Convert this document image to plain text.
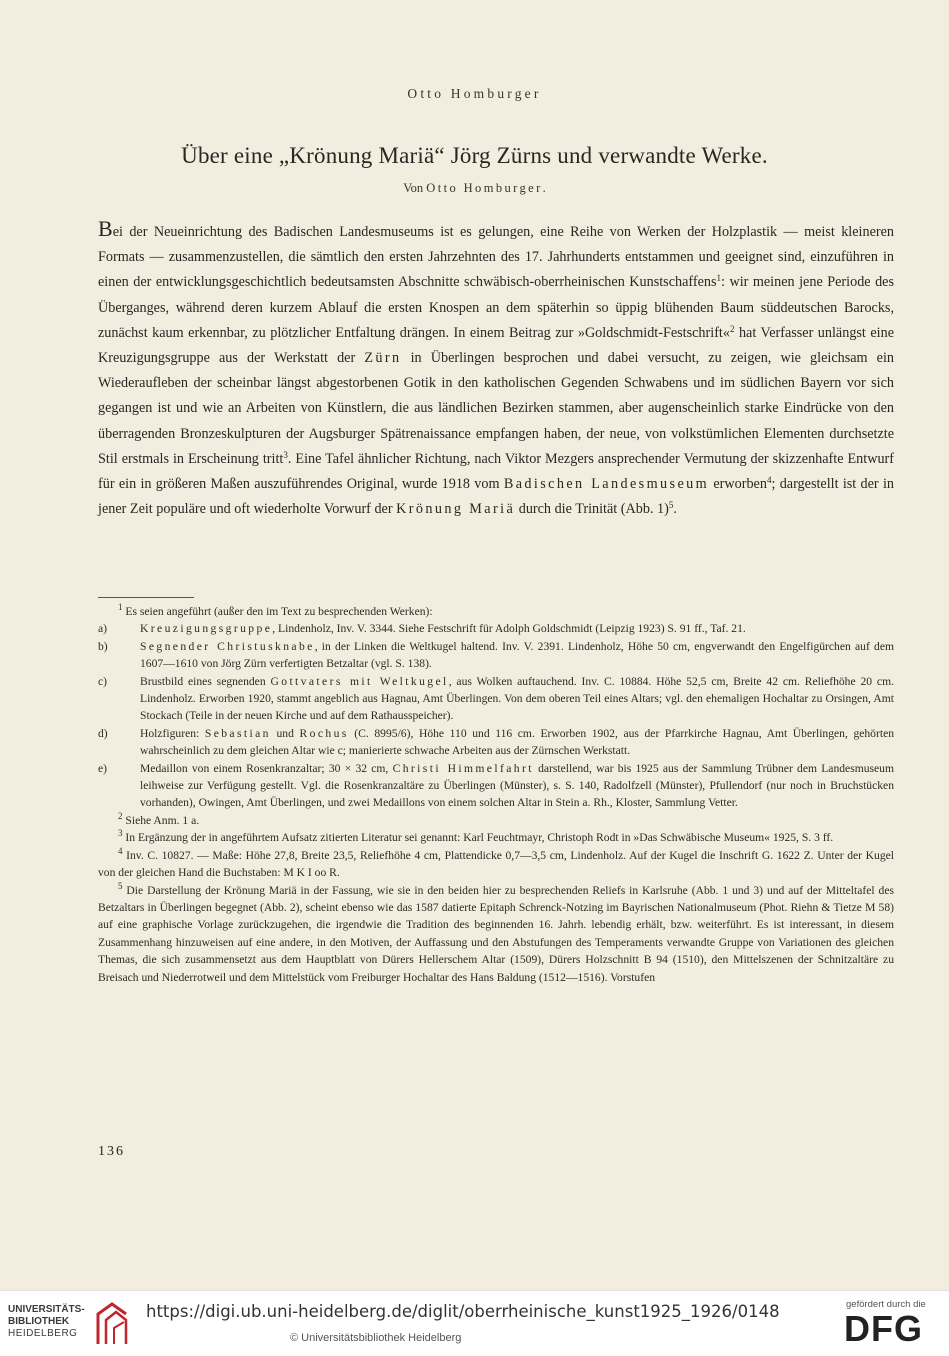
Otto Homburger
Über eine „Krönung Mariä“ Jörg Zürns und verwandte Werke.
Von Otto Homburger.
Bei der Neueinrichtung des Badischen Landesmuseums ist es gelungen, eine Reihe von Werken der Holzplastik — meist kleineren Formats — zusammenzustellen, die sämtlich den ersten Jahrzehnten des 17. Jahrhunderts entstammen und geeignet sind, einzuführen in einen der entwicklungsgeschichtlich bedeutsamsten Abschnitte schwäbisch-oberrheinischen Kunstschaffens$^1$: wir meinen jene Periode des Überganges, während deren kurzem Ablauf die ersten Knospen an dem späterhin so üppig blühenden Baum süddeutschen Barocks, zunächst kaum erkennbar, zu plötzlicher Entfaltung drängen. In einem Beitrag zur »Goldschmidt-Festschrift«$^2$ hat Verfasser unlängst eine Kreuzigungsgruppe aus der Werkstatt der Zürn in Überlingen besprochen und dabei versucht, zu zeigen, wie gleichsam ein Wiederaufleben der scheinbar längst abgestorbenen Gotik in den katholischen Gegenden Schwabens und im südlichen Bayern vor sich gegangen ist und wie an Arbeiten von Künstlern, die aus ländlichen Bezirken stammen, aber augenscheinlich starke Eindrücke von den überragenden Bronzeskulpturen der Augsburger Spätrenaissance empfangen haben, der neue, von volkstümlichen Elementen durchsetzte Stil erstmals in Erscheinung tritt$^3$. Eine Tafel ähnlicher Richtung, nach Viktor Mezgers ansprechender Vermutung der skizzenhafte Entwurf für ein in größeren Maßen auszuführendes Original, wurde 1918 vom Badischen Landesmuseum erworben$^4$; dargestellt ist der in jener Zeit populäre und oft wiederholte Vorwurf der Krönung Mariä durch die Trinität (Abb. 1)$^5$.

$^1$ Es seien angeführt (außer den im Text zu besprechenden Werken):

a)	Kreuzigungsgruppe, Lindenholz, Inv. V. 3344. Siehe Festschrift für Adolph Goldschmidt (Leipzig 1923) S. 91 ff., Taf. 21.

b)	Segnender Christusknabe, in der Linken die Weltkugel haltend. Inv. V. 2391. Lindenholz, Höhe 50 cm, engverwandt den Engelfigürchen auf dem 1607—1610 von Jörg Zürn verfertigten Betzaltar (vgl. S. 138).

c)	Brustbild eines segnenden Gottvaters mit Weltkugel, aus Wolken auftauchend. Inv. C. 10884. Höhe 52,5 cm, Breite 42 cm. Reliefhöhe 20 cm. Lindenholz. Erworben 1920, stammt angeblich aus Hagnau, Amt Überlingen. Von dem oberen Teil eines Altars; vgl. den ehemaligen Hochaltar zu Orsingen, Amt Stockach (Teile in der neuen Kirche und auf dem Rathausspeicher).

d)	Holzfiguren: Sebastian und Rochus (C. 8995/6), Höhe 110 und 116 cm. Erworben 1902, aus der Pfarrkirche Hagnau, Amt Überlingen, gehörten wahrscheinlich zu dem gleichen Altar wie c; manierierte schwache Arbeiten aus der Zürnschen Werkstatt.

e)	Medaillon von einem Rosenkranzaltar; 30 × 32 cm, Christi Himmelfahrt darstellend, war bis 1925 aus der Sammlung Trübner dem Landesmuseum leihweise zur Verfügung gestellt. Vgl. die Rosenkranzaltäre zu Überlingen (Münster), s. S. 140, Radolfzell (Münster), Pfullendorf (nur noch in Bruchstücken vorhanden), Owingen, Amt Überlingen, und zwei Medaillons von einem solchen Altar in Stein a. Rh., Kloster, Sammlung Vetter.

$^2$ Siehe Anm. 1 a.

$^3$ In Ergänzung der in angeführtem Aufsatz zitierten Literatur sei genannt: Karl Feuchtmayr, Christoph Rodt in »Das Schwäbische Museum« 1925, S. 3 ff.

$^4$ Inv. C. 10827. — Maße: Höhe 27,8, Breite 23,5, Reliefhöhe 4 cm, Plattendicke 0,7—3,5 cm, Lindenholz. Auf der Kugel die Inschrift G. 1622 Z. Unter der Kugel von der gleichen Hand die Buchstaben: M K I oo R.

$^5$ Die Darstellung der Krönung Mariä in der Fassung, wie sie in den beiden hier zu besprechenden Reliefs in Karlsruhe (Abb. 1 und 3) und auf der Mitteltafel des Betzaltars in Überlingen begegnet (Abb. 2), scheint ebenso wie das 1587 datierte Epitaph Schrenck-Notzing im Bayrischen Nationalmuseum (Phot. Riehn & Tietze M 58) auf eine graphische Vorlage zurückzugehen, die irgendwie die Tradition des beginnenden 16. Jahrh. lebendig erhält, bzw. weiterführt. Es ist interessant, in diesem Zusammenhang hinzuweisen auf eine andere, in den Motiven, der Auffassung und den Abstufungen des Temperaments verwandte Gruppe von Variationen des gleichen Themas, die sich zusammensetzt aus dem Hauptblatt von Dürers Hellerschem Altar (1509), Dürers Holzschnitt B 94 (1510), den Mittelszenen der Schnitzaltäre zu Breisach und Niederrotweil und dem Mittelstück vom Freiburger Hochaltar des Hans Baldung (1512—1516). Vorstufen

136
UNIVERSITÄTS-
BIBLIOTHEK
HEIDELBERG
https://digi.ub.uni-heidelberg.de/diglit/oberrheinische_kunst1925_1926/0148
© Universitätsbibliothek Heidelberg
gefördert durch die
DFG
